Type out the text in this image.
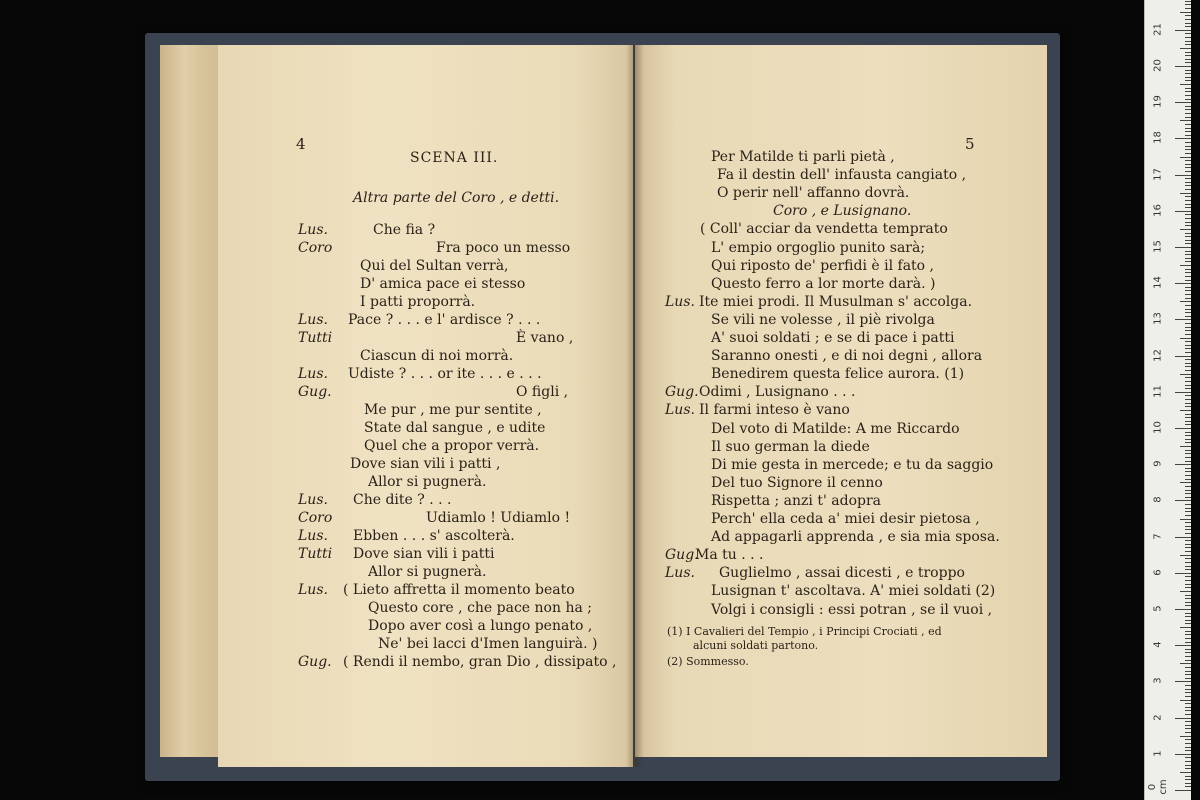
4
SCENA III.
Altra parte del Coro , e detti.
Lus.	Che fia ?
Coro	Fra poco un messo
Qui del Sultan verrà,
D' amica pace ei stesso
I patti proporrà.
Lus. Pace ? . . . e l' ardisce ? . . .
Tutti	È vano ,
Ciascun di noi morrà.
Lus. Udiste ? . . . or ite . . . e . . .
Gug.	O figli ,
Me pur , me pur sentite ,
State dal sangue , e udite
Quel che a propor verrà.
Dove sian vili i patti ,
Allor si pugnerà.
Lus. Che dite ? . . .
Coro	Udiamlo ! Udiamlo !
Lus. Ebben . . . s' ascolterà.
Tutti Dove sian vili i patti
Allor si pugnerà.
Lus. ( Lieto affretta il momento beato
Questo core , che pace non ha ;
Dopo aver così a lungo penato ,
Ne' bei lacci d'Imen languirà. )
Gug. ( Rendi il nembo, gran Dio , dissipato ,
5
Per Matilde ti parli pietà ,
Fa il destin dell' infausta cangiato ,
O perir nell' affanno dovrà.
Coro , e Lusignano.
( Coll' acciar da vendetta temprato
L' empio orgoglio punito sarà;
Qui riposto de' perfidi è il fato ,
Questo ferro a lor morte darà. )
Lus. Ite miei prodi. Il Musulman s' accolga.
Se vili ne volesse , il piè rivolga
A' suoi soldati ; e se di pace i patti
Saranno onesti , e di noi degni , allora
Benedirem questa felice aurora. (1)
Gug. Odimi , Lusignano . . .
Lus. Il farmi inteso è vano
Del voto di Matilde: A me Riccardo
Il suo german la diede
Di mie gesta in mercede; e tu da saggio
Del tuo Signore il cenno
Rispetta ; anzi t' adopra
Perch' ella ceda a' miei desir pietosa ,
Ad appagarli apprenda , e sia mia sposa.
Gug.
Ma tu . . .
Lus. Guglielmo , assai dicesti , e troppo
Lusignan t' ascoltava. A' miei soldati (2)
Volgi i consigli : essi potran , se il vuoi ,
(1) I Cavalieri del Tempio , i Principi Crociati , ed
alcuni soldati partono.
(2) Sommesso.
0 cm
1
2
3
4
5
6
7
8
9
10
11
12
13
14
15
16
17
18
19
20
21
